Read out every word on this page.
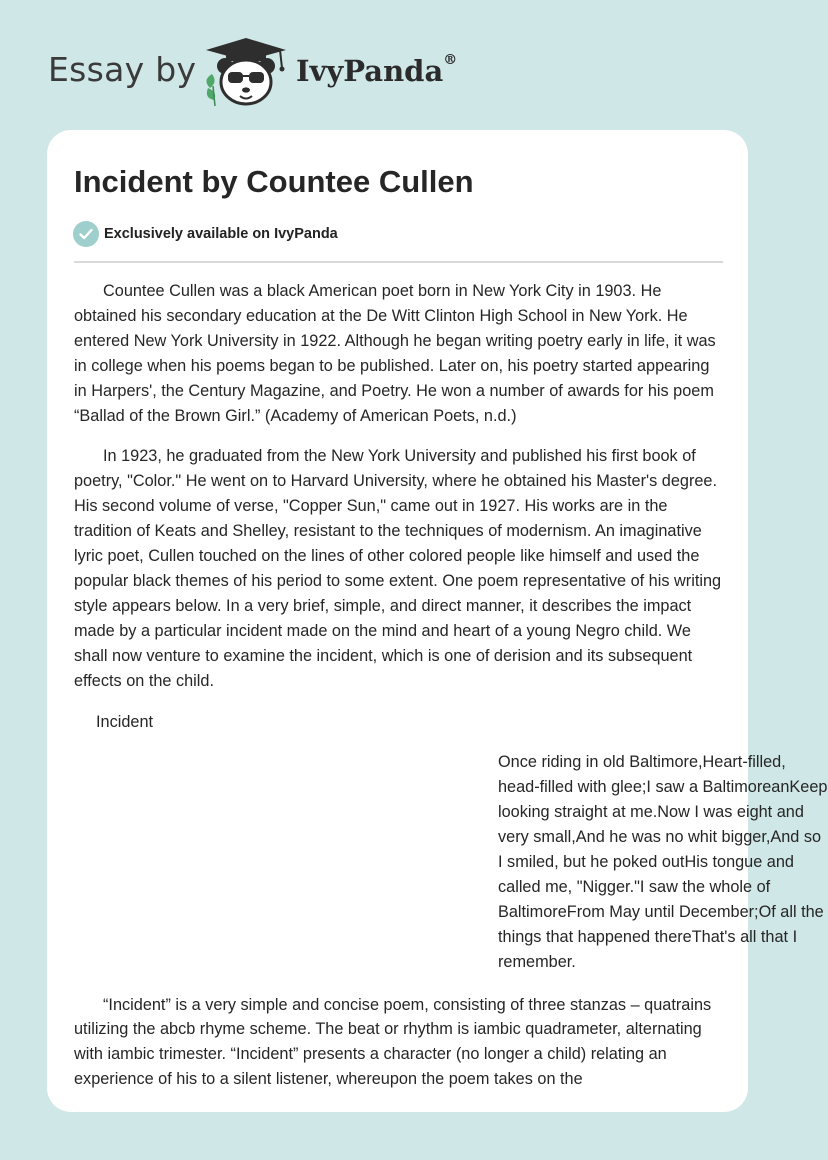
Essay by	IvyPanda®
Incident by Countee Cullen
Exclusively available on IvyPanda

Countee Cullen was a black American poet born in New York City in 1903. He obtained his secondary education at the De Witt Clinton High School in New York. He entered New York University in 1922. Although he began writing poetry early in life, it was in college when his poems began to be published. Later on, his poetry started appearing in Harpers', the Century Magazine, and Poetry. He won a number of awards for his poem “Ballad of the Brown Girl.” (Academy of American Poets, n.d.)

In 1923, he graduated from the New York University and published his first book of poetry, "Color." He went on to Harvard University, where he obtained his Master's degree. His second volume of verse, "Copper Sun," came out in 1927. His works are in the tradition of Keats and Shelley, resistant to the techniques of modernism. An imaginative lyric poet, Cullen touched on the lines of other colored people like himself and used the popular black themes of his period to some extent. One poem representative of his writing style appears below. In a very brief, simple, and direct manner, it describes the impact made by a particular incident made on the mind and heart of a young Negro child. We shall now venture to examine the incident, which is one of derision and its subsequent effects on the child.

Incident
Once riding in old Baltimore,Heart-filled, head-filled with glee;I saw a BaltimoreanKeep looking straight at me.Now I was eight and very small,And he was no whit bigger,And so I smiled, but he poked outHis tongue and called me, "Nigger."I saw the whole of BaltimoreFrom May until December;Of all the things that happened thereThat's all that I remember.

“Incident” is a very simple and concise poem, consisting of three stanzas – quatrains utilizing the abcb rhyme scheme. The beat or rhythm is iambic quadrameter, alternating with iambic trimester. “Incident” presents a character (no longer a child) relating an experience of his to a silent listener, whereupon the poem takes on the
